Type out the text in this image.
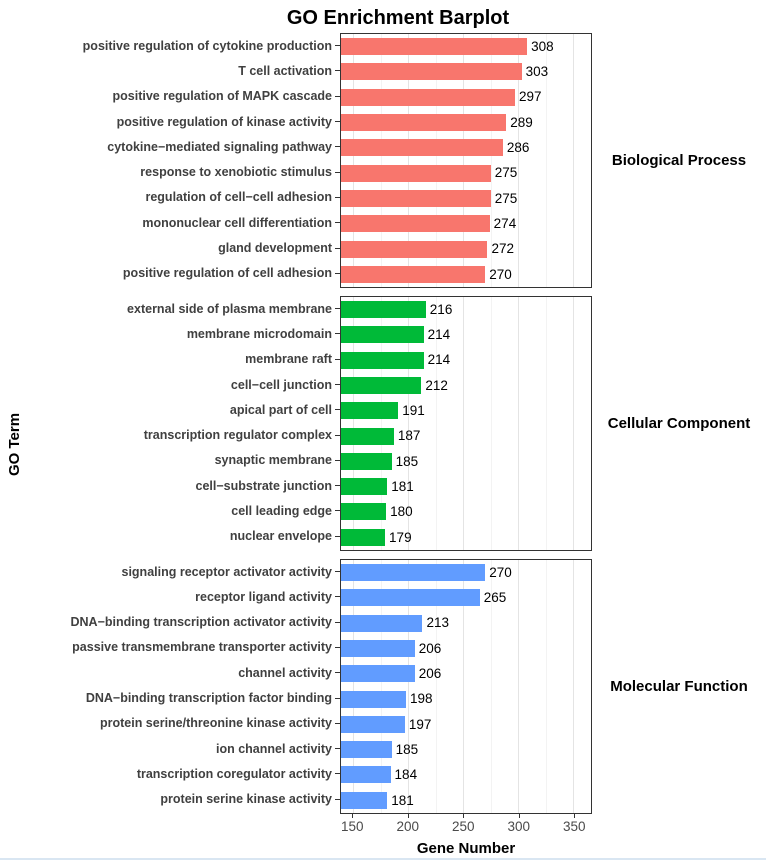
GO Enrichment Barplot
GO Term
positive regulation of cytokine production
T cell activation
positive regulation of MAPK cascade
positive regulation of kinase activity
cytokine−mediated signaling pathway
response to xenobiotic stimulus
regulation of cell−cell adhesion
mononuclear cell differentiation
gland development
positive regulation of cell adhesion
308
303
297
289
286
275
275
274
272
270
Biological Process
external side of plasma membrane
membrane microdomain
membrane raft
cell−cell junction
apical part of cell
transcription regulator complex
synaptic membrane
cell−substrate junction
cell leading edge
nuclear envelope
216
214
214
212
191
187
185
181
180
179
Cellular Component
signaling receptor activator activity
receptor ligand activity
DNA−binding transcription activator activity
passive transmembrane transporter activity
channel activity
DNA−binding transcription factor binding
protein serine/threonine kinase activity
ion channel activity
transcription coregulator activity
protein serine kinase activity
270
265
213
206
206
198
197
185
184
181
Molecular Function
150 200 250 300 350
Gene Number
